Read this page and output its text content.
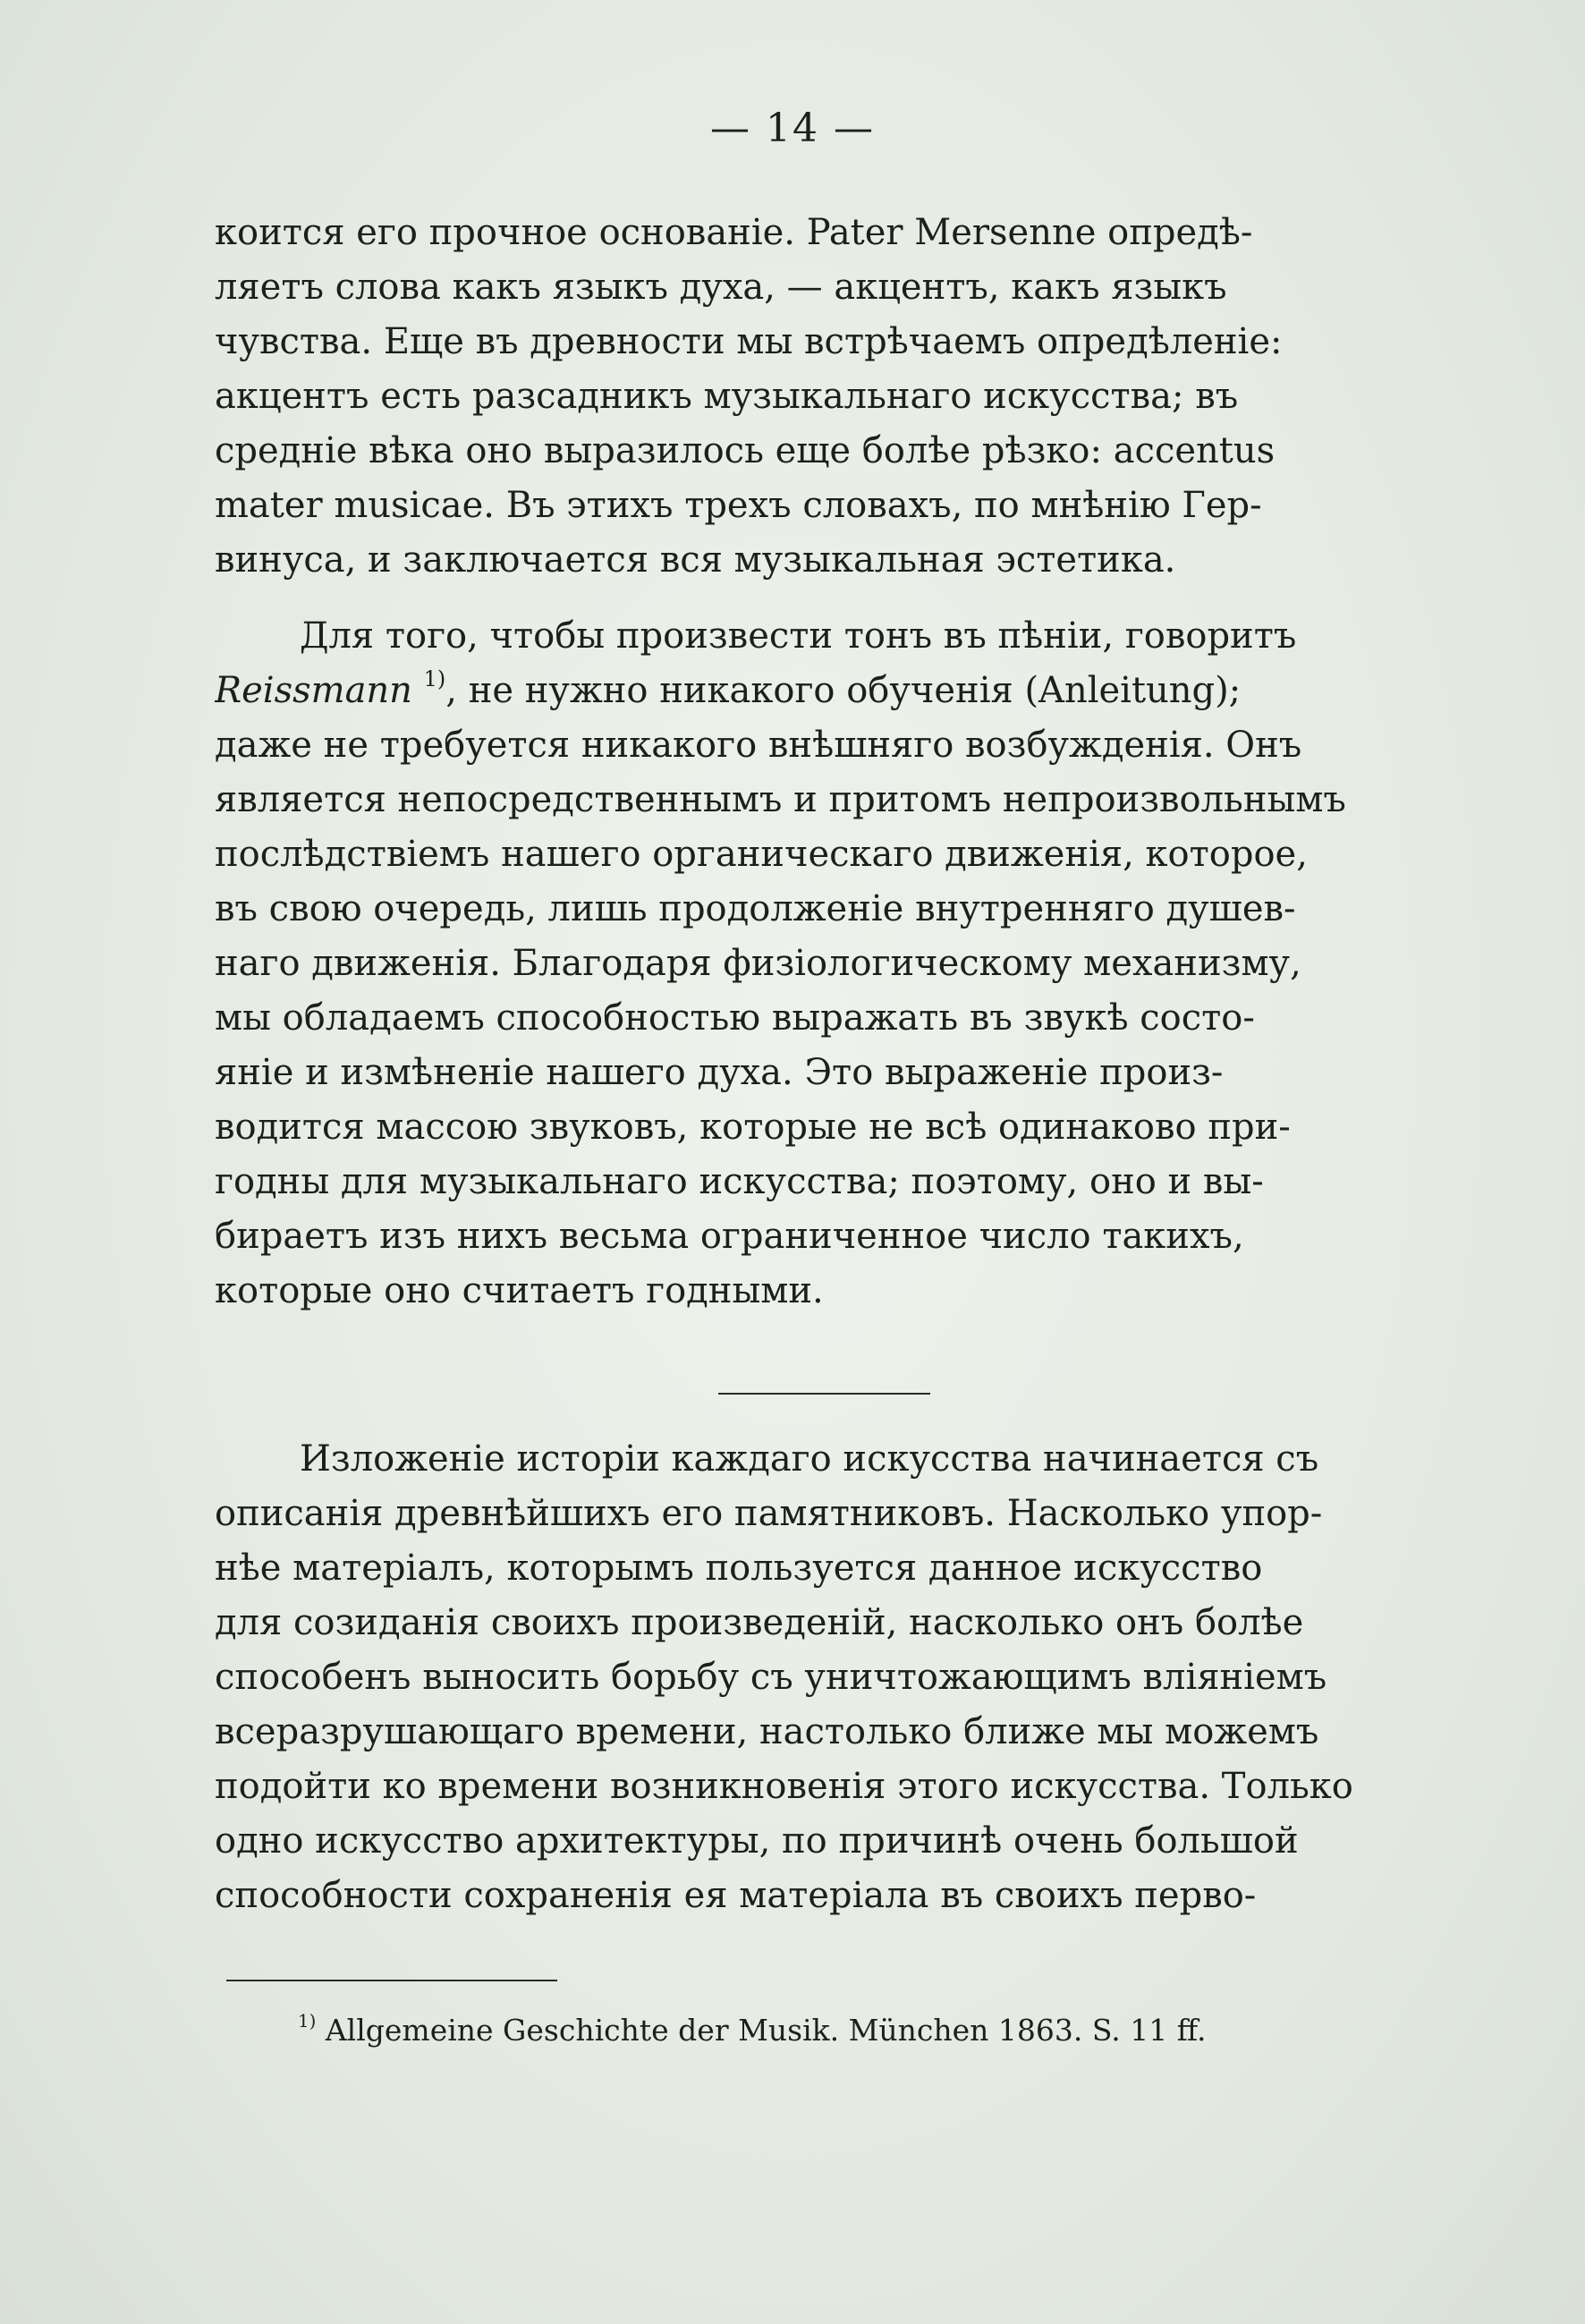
— 14 —
коится его прочное основаніе. Pater Mersenne опредѣ-
ляетъ слова какъ языкъ духа, — акцентъ, какъ языкъ
чувства. Еще въ древности мы встрѣчаемъ опредѣленіе:
акцентъ есть разсадникъ музыкальнаго искусства; въ
средніе вѣка оно выразилось еще болѣе рѣзко: accentus
mater musicae. Въ этихъ трехъ словахъ, по мнѣнію Гер-
винуса, и заключается вся музыкальная эстетика.
Для того, чтобы произвести тонъ въ пѣніи, говоритъ
Reissmann $^{1)}$, не нужно никакого обученія (Anleitung);
даже не требуется никакого внѣшняго возбужденія. Онъ
является непосредственнымъ и притомъ непроизвольнымъ
послѣдствіемъ нашего органическаго движенія, которое,
въ свою очередь, лишь продолженіе внутренняго душев-
наго движенія. Благодаря физіологическому механизму,
мы обладаемъ способностью выражать въ звукѣ состо-
яніе и измѣненіе нашего духа. Это выраженіе произ-
водится массою звуковъ, которые не всѣ одинаково при-
годны для музыкальнаго искусства; поэтому, оно и вы-
бираетъ изъ нихъ весьма ограниченное число такихъ,
которые оно считаетъ годными.
Изложеніе исторіи каждаго искусства начинается съ
описанія древнѣйшихъ его памятниковъ. Насколько упор-
нѣе матеріалъ, которымъ пользуется данное искусство
для созиданія своихъ произведеній, насколько онъ болѣе
способенъ выносить борьбу съ уничтожающимъ вліяніемъ
всеразрушающаго времени, настолько ближе мы можемъ
подойти ко времени возникновенія этого искусства. Только
одно искусство архитектуры, по причинѣ очень большой
способности сохраненія ея матеріала въ своихъ перво-
$^{1)}$ Allgemeine Geschichte der Musik. München 1863. S. 11 ff.
